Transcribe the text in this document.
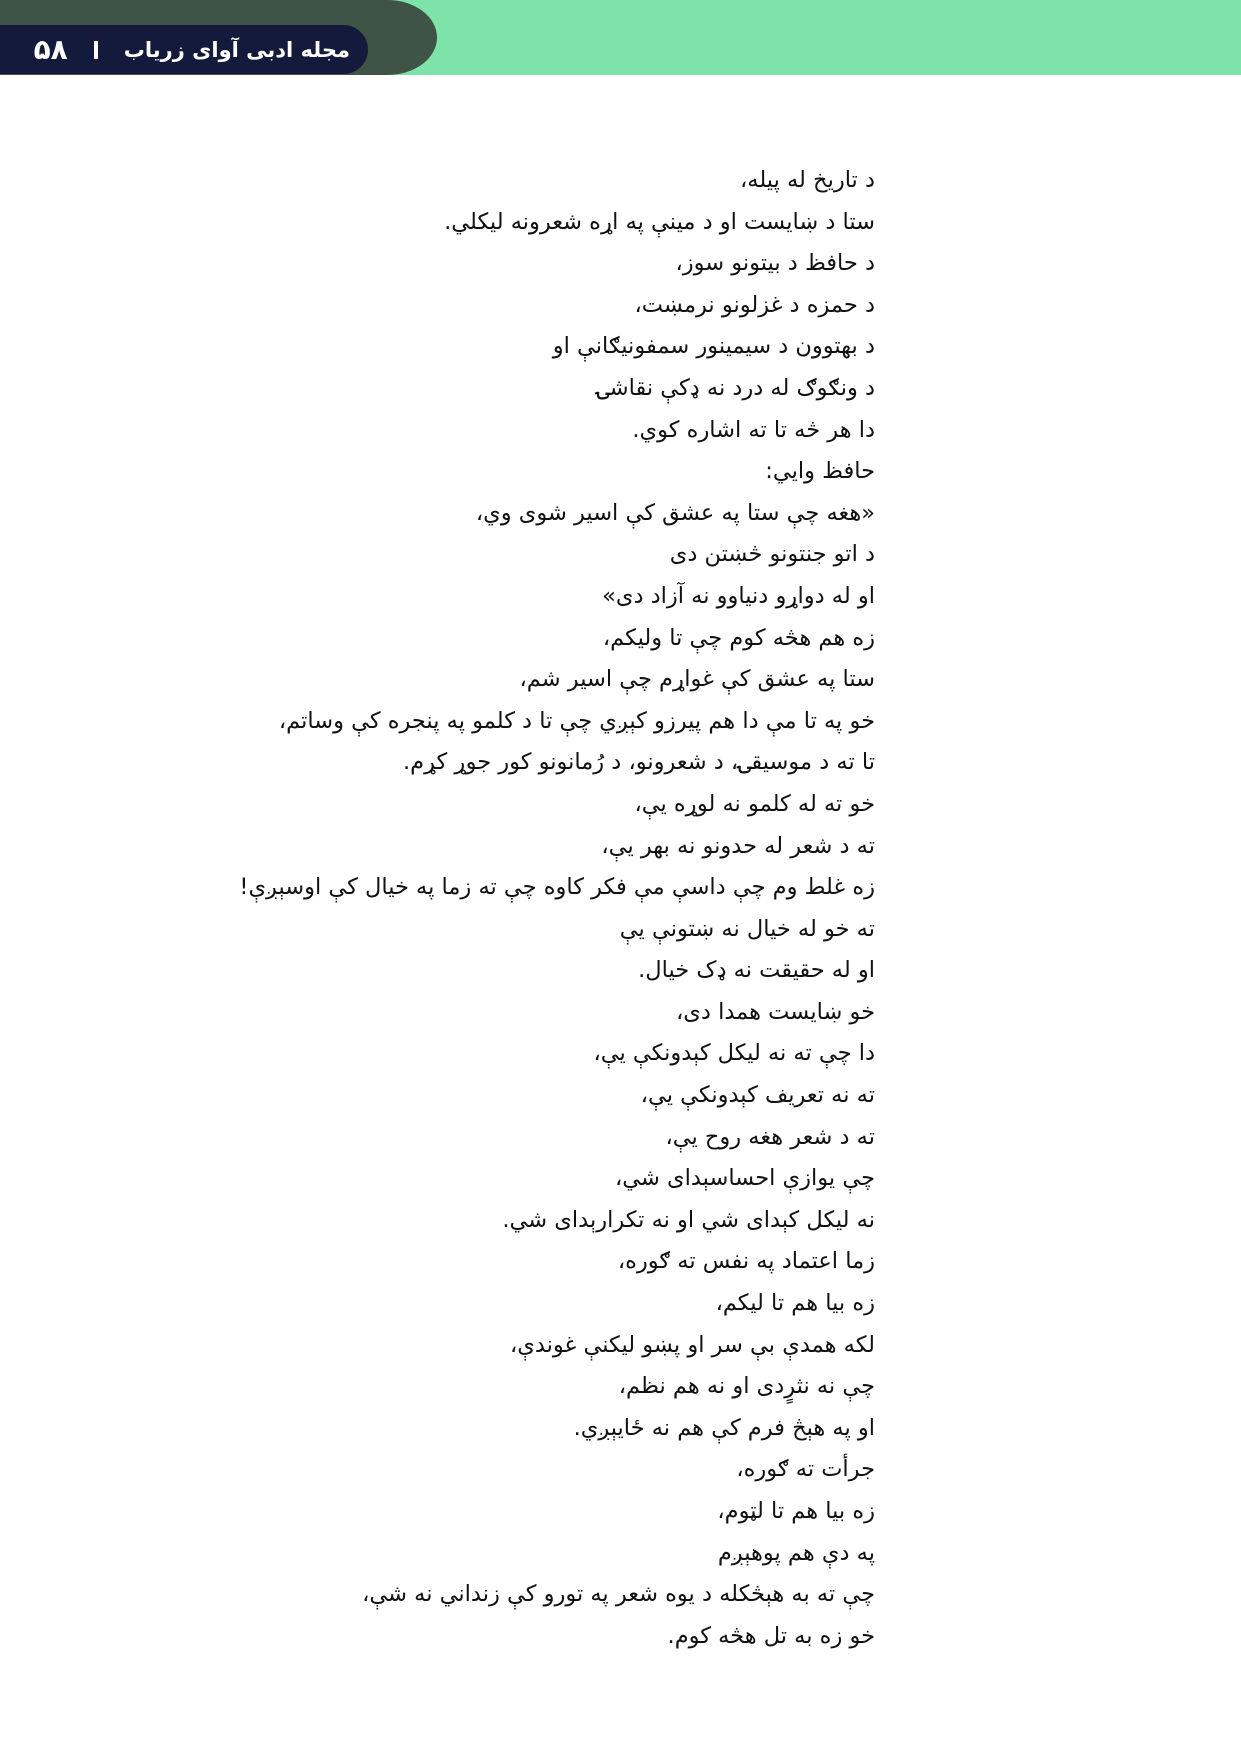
مجله ادبی آوای زریاب
۵۸
د تاریخ له پیله،
ستا د ښایست او د مینې په اړه شعرونه لیکلي.
د حافظ د بیتونو سوز،
د حمزه د غزلونو نرمښت،
د بهتوون د سیمینور سمفونيګانې او
د ونګوګ له درد نه ډکې نقاشۍ
دا هر څه تا ته اشاره کوي.
حافظ وايي:
«هغه چې ستا په عشق کې اسیر شوی وي،
د اتو جنتونو څښتن دی
او له دواړو دنیاوو نه آزاد دی»
زه هم هڅه کوم چې تا ولیکم،
ستا په عشق کې غواړم چې اسیر شم،
خو په تا مې دا هم پیرزو کېږي چې تا د کلمو په پنجره کې وساتم،
تا ته د موسیقۍ، د شعرونو، د رُمانونو کور جوړ کړم.
خو ته له کلمو نه لوړه یې،
ته د شعر له حدونو نه بهر یې،
زه غلط وم چې داسې مې فکر کاوه چې ته زما په خیال کې اوسېږې!
ته خو له خیال نه ښتونې یې
او له حقیقت نه ډک خیال.
خو ښایست همدا دی،
دا چې ته نه لیکل کېدونکې یې،
ته نه تعریف کېدونکې یې،
ته د شعر هغه روح یې،
چې یوازې احساسېدای شي،
نه لیکل کېدای شي او نه تکرارېدای شي.
زما اعتماد په نفس ته ګوره،
زه بیا هم تا لیکم،
لکه همدې بې سر او پښو لیکنې غوندې،
چې نه نثرٍدی او نه هم نظم،
او په هېڅ فرم کې هم نه ځایېږي.
جرأت ته ګوره،
زه بیا هم تا لټوم،
په دې هم پوهېږم
چې ته به هېڅکله د یوه شعر په تورو کې زنداني نه شې،
خو زه به تل هڅه کوم.
